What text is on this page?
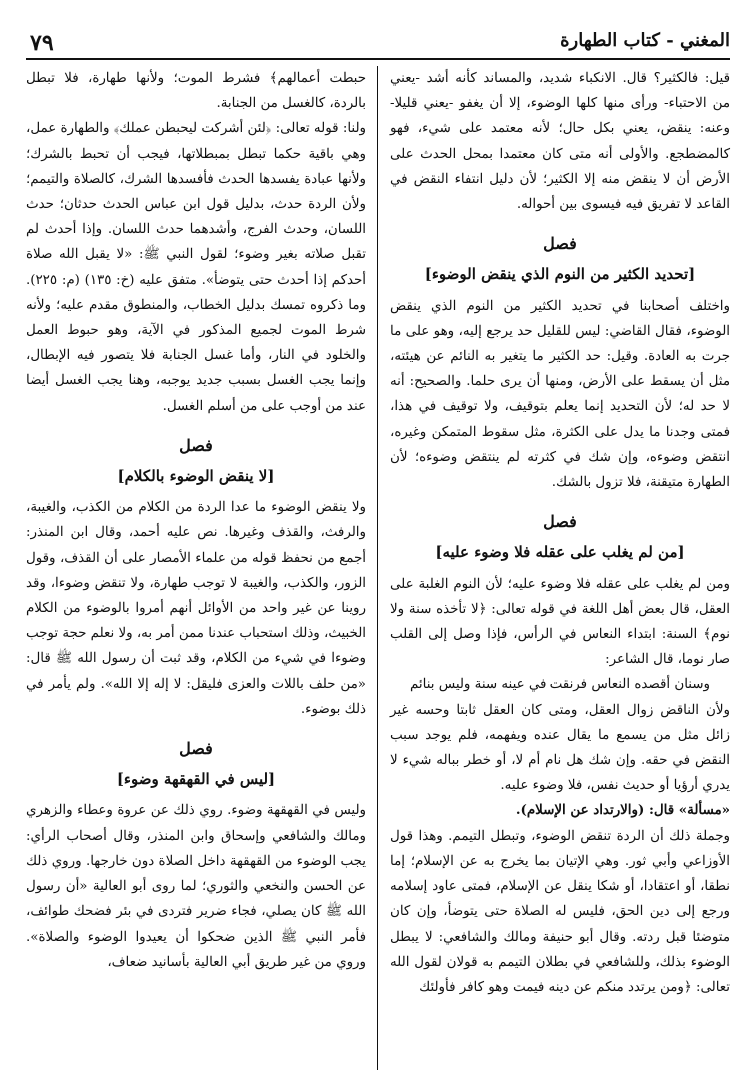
٧٩	المغني - كتاب الطهارة

قيل: فالكثير؟ قال. الانكباء شديد، والمساند كأنه أشد -يعني من الاحتباء- ورأى منها كلها الوضوء، إلا أن يغفو -يعني قليلا- وعنه: ينقض، يعني بكل حال؛ لأنه معتمد على شيء، فهو كالمضطجع. والأولى أنه متى كان معتمدا بمحل الحدث على الأرض أن لا ينقض منه إلا الكثير؛ لأن دليل انتفاء النقض في القاعد لا تفريق فيه فيسوى بين أحواله.

فصل
[تحديد الكثير من النوم الذي ينقض الوضوء]

واختلف أصحابنا في تحديد الكثير من النوم الذي ينقض الوضوء، فقال القاضي: ليس للقليل حد يرجع إليه، وهو على ما جرت به العادة. وقيل: حد الكثير ما يتغير به النائم عن هيئته، مثل أن يسقط على الأرض، ومنها أن يرى حلما. والصحيح: أنه لا حد له؛ لأن التحديد إنما يعلم بتوقيف، ولا توقيف في هذا، فمتى وجدنا ما يدل على الكثرة، مثل سقوط المتمكن وغيره، انتقض وضوءه، وإن شك في كثرته لم ينتقض وضوءه؛ لأن الطهارة متيقنة، فلا تزول بالشك.

فصل
[من لم يغلب على عقله فلا وضوء عليه]

ومن لم يغلب على عقله فلا وضوء عليه؛ لأن النوم الغلبة على العقل، قال بعض أهل اللغة في قوله تعالى: ﴿لا تأخذه سنة ولا نوم﴾ السنة: ابتداء النعاس في الرأس، فإذا وصل إلى القلب صار نوما، قال الشاعر:

وسنان أقصده النعاس فرنقت
في عينه سنة وليس بنائم

ولأن الناقض زوال العقل، ومتى كان العقل ثابتا وحسه غير زائل مثل من يسمع ما يقال عنده ويفهمه، فلم يوجد سبب النقض في حقه. وإن شك هل نام أم لا، أو خطر بباله شيء لا يدري أرؤيا أو حديث نفس، فلا وضوء عليه.

«مسألة» قال: (والارتداد عن الإسلام).

وجملة ذلك أن الردة تنقض الوضوء، وتبطل التيمم. وهذا قول الأوزاعي وأبي ثور. وهي الإتيان بما يخرج به عن الإسلام؛ إما نطقا، أو اعتقادا، أو شكا ينقل عن الإسلام، فمتى عاود إسلامه ورجع إلى دين الحق، فليس له الصلاة حتى يتوضأ، وإن كان متوضئا قبل ردته. وقال أبو حنيفة ومالك والشافعي: لا يبطل الوضوء بذلك، وللشافعي في بطلان التيمم به قولان لقول الله تعالى: ﴿ومن يرتدد منكم عن دينه فيمت وهو كافر فأولئك

حبطت أعمالهم﴾ فشرط الموت؛ ولأنها طهارة، فلا تبطل بالردة، كالغسل من الجنابة.

ولنا: قوله تعالى: ﴿لئن أشركت ليحبطن عملك﴾ والطهارة عمل، وهي باقية حكما تبطل بمبطلاتها، فيجب أن تحبط بالشرك؛ ولأنها عبادة يفسدها الحدث فأفسدها الشرك، كالصلاة والتيمم؛ ولأن الردة حدث، بدليل قول ابن عباس الحدث حدثان؛ حدث اللسان، وحدث الفرج، وأشدهما حدث اللسان. وإذا أحدث لم تقبل صلاته بغير وضوء؛ لقول النبي ﷺ: «لا يقبل الله صلاة أحدكم إذا أحدث حتى يتوضأ». متفق عليه (خ: ١٣٥) (م: ٢٢٥). وما ذكروه تمسك بدليل الخطاب، والمنطوق مقدم عليه؛ ولأنه شرط الموت لجميع المذكور في الآية، وهو حبوط العمل والخلود في النار، وأما غسل الجنابة فلا يتصور فيه الإبطال، وإنما يجب الغسل بسبب جديد يوجبه، وهنا يجب الغسل أيضا عند من أوجب على من أسلم الغسل.

فصل
[لا ينقض الوضوء بالكلام]

ولا ينقض الوضوء ما عدا الردة من الكلام من الكذب، والغيبة، والرفث، والقذف وغيرها. نص عليه أحمد، وقال ابن المنذر: أجمع من نحفظ قوله من علماء الأمصار على أن القذف، وقول الزور، والكذب، والغيبة لا توجب طهارة، ولا تنقض وضوءا، وقد روينا عن غير واحد من الأوائل أنهم أمروا بالوضوء من الكلام الخبيث، وذلك استحباب عندنا ممن أمر به، ولا نعلم حجة توجب وضوءا في شيء من الكلام، وقد ثبت أن رسول الله ﷺ قال: «من حلف باللات والعزى فليقل: لا إله إلا الله». ولم يأمر في ذلك بوضوء.

فصل
[ليس في القهقهة وضوء]

وليس في القهقهة وضوء. روي ذلك عن عروة وعطاء والزهري ومالك والشافعي وإسحاق وابن المنذر، وقال أصحاب الرأي: يجب الوضوء من القهقهة داخل الصلاة دون خارجها. وروي ذلك عن الحسن والنخعي والثوري؛ لما روى أبو العالية «أن رسول الله ﷺ كان يصلي، فجاء ضرير فتردى في بئر فضحك طوائف، فأمر النبي ﷺ الذين ضحكوا أن يعيدوا الوضوء والصلاة». وروي من غير طريق أبي العالية بأسانيد ضعاف،
